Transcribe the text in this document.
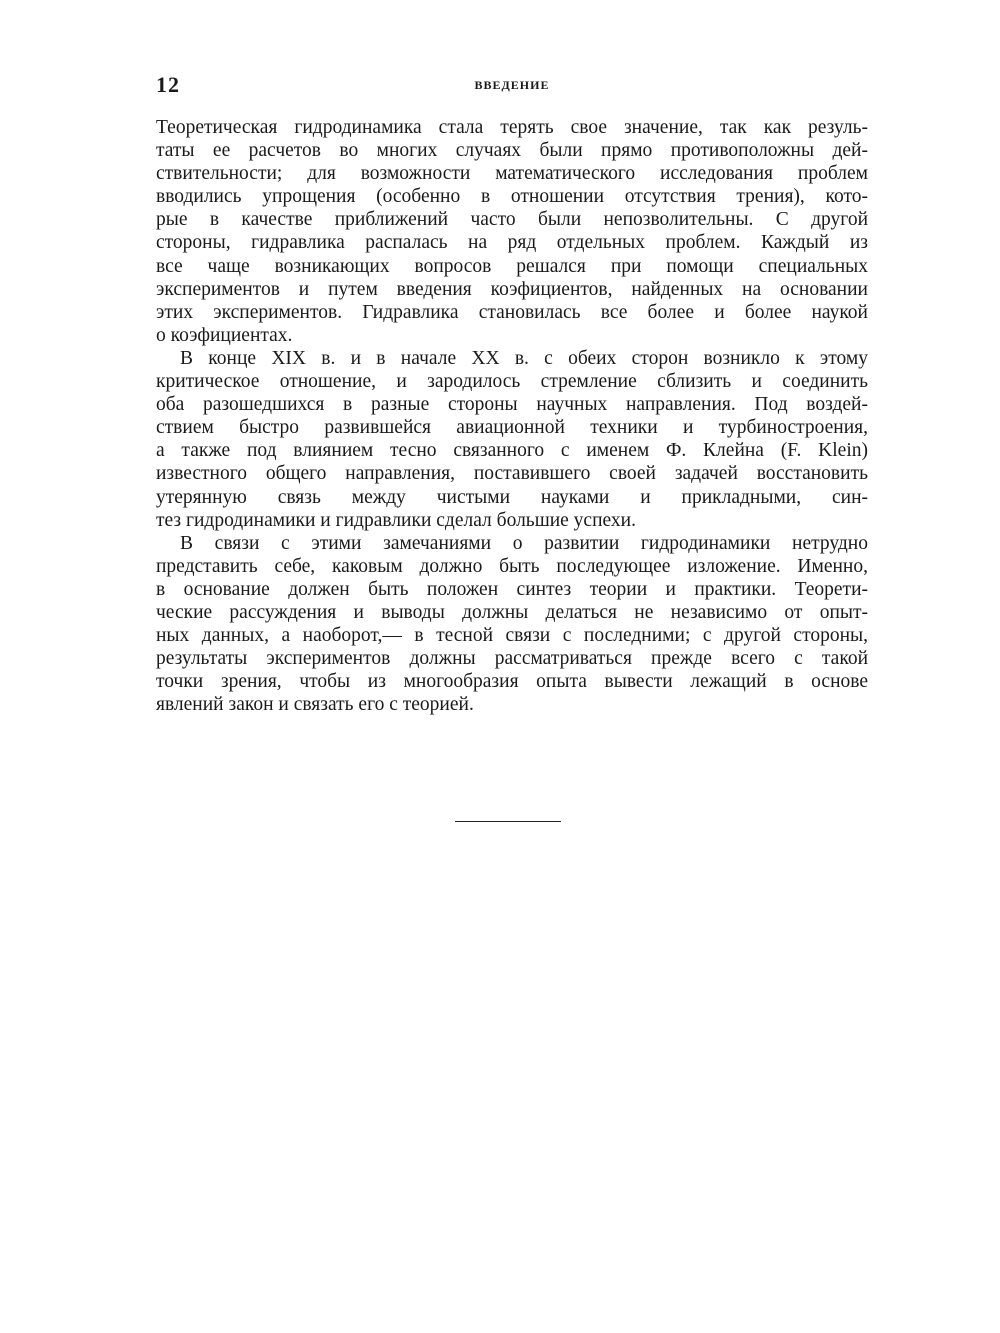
12	ВВЕДЕНИЕ

Теоретическая гидродинамика стала терять свое значение, так как резуль-
таты ее расчетов во многих случаях были прямо противоположны дей-
ствительности; для возможности математического исследования проблем
вводились упрощения (особенно в отношении отсутствия трения), кото-
рые в качестве приближений часто были непозволительны. С другой
стороны, гидравлика распалась на ряд отдельных проблем. Каждый из
все чаще возникающих вопросов решался при помощи специальных
экспериментов и путем введения коэфициентов, найденных на основании
этих экспериментов. Гидравлика становилась все более и более наукой
о коэфициентах.

В конце XIX в. и в начале XX в. с обеих сторон возникло к этому
критическое отношение, и зародилось стремление сблизить и соединить
оба разошедшихся в разные стороны научных направления. Под воздей-
ствием быстро развившейся авиационной техники и турбиностроения,
а также под влиянием тесно связанного с именем Ф. Клейна (F. Klein)
известного общего направления, поставившего своей задачей восстановить
утерянную связь между чистыми науками и прикладными, син-
тез гидродинамики и гидравлики сделал большие успехи.

В связи с этими замечаниями о развитии гидродинамики нетрудно
представить себе, каковым должно быть последующее изложение. Именно,
в основание должен быть положен синтез теории и практики. Теорети-
ческие рассуждения и выводы должны делаться не независимо от опыт-
ных данных, а наоборот,— в тесной связи с последними; с другой стороны,
результаты экспериментов должны рассматриваться прежде всего с такой
точки зрения, чтобы из многообразия опыта вывести лежащий в основе
явлений закон и связать его с теорией.
